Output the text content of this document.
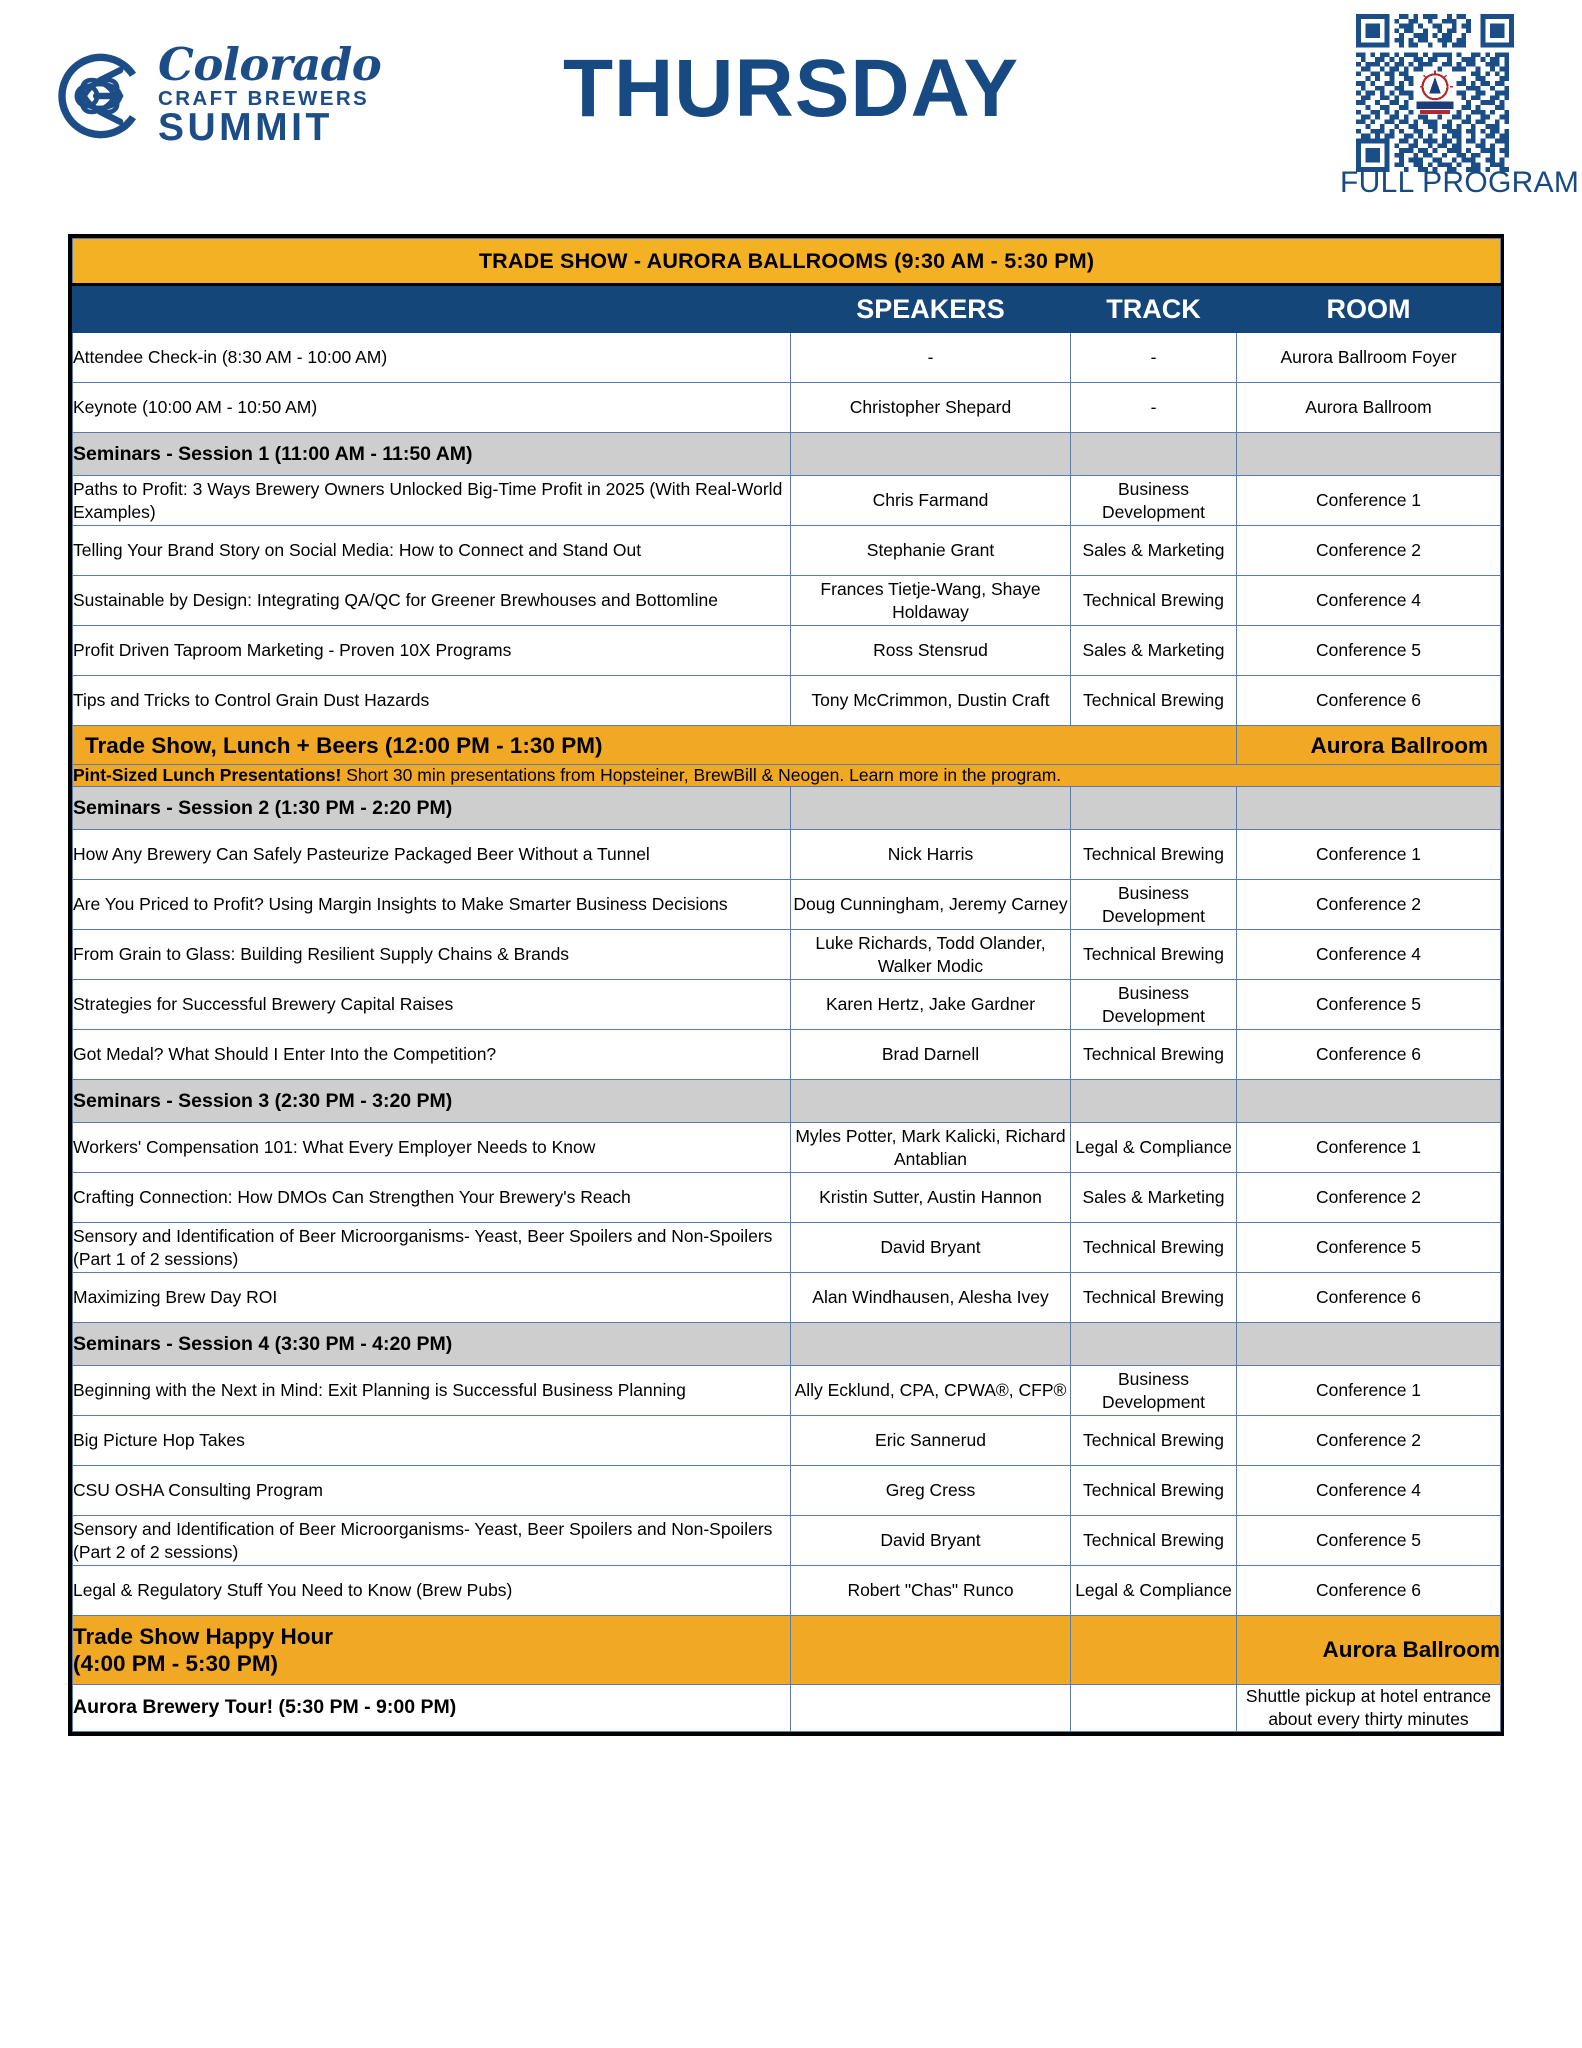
Colorado
CRAFT BREWERS
SUMMIT	THURSDAY
FULL PROGRAM
TRADE SHOW - AURORA BALLROOMS (9:30 AM - 5:30 PM)			
	SPEAKERS	TRACK	ROOM
Attendee Check-in (8:30 AM - 10:00 AM)	-	-	Aurora Ballroom Foyer
Keynote (10:00 AM - 10:50 AM)	Christopher Shepard	-	Aurora Ballroom
Seminars - Session 1 (11:00 AM - 11:50 AM)			
Paths to Profit: 3 Ways Brewery Owners Unlocked Big-Time Profit in 2025 (With Real-World Examples)	Chris Farmand	Business Development	Conference 1
Telling Your Brand Story on Social Media: How to Connect and Stand Out	Stephanie Grant	Sales & Marketing	Conference 2
Sustainable by Design: Integrating QA/QC for Greener Brewhouses and Bottomline	Frances Tietje-Wang, Shaye Holdaway	Technical Brewing	Conference 4
Profit Driven Taproom Marketing - Proven 10X Programs	Ross Stensrud	Sales & Marketing	Conference 5
Tips and Tricks to Control Grain Dust Hazards	Tony McCrimmon, Dustin Craft	Technical Brewing	Conference 6
Trade Show, Lunch + Beers (12:00 PM - 1:30 PM)			Aurora Ballroom
Pint-Sized Lunch Presentations! Short 30 min presentations from Hopsteiner, BrewBill & Neogen. Learn more in the program.			
Seminars - Session 2 (1:30 PM - 2:20 PM)			
How Any Brewery Can Safely Pasteurize Packaged Beer Without a Tunnel	Nick Harris	Technical Brewing	Conference 1
Are You Priced to Profit? Using Margin Insights to Make Smarter Business Decisions	Doug Cunningham, Jeremy Carney	Business Development	Conference 2
From Grain to Glass: Building Resilient Supply Chains & Brands	Luke Richards, Todd Olander, Walker Modic	Technical Brewing	Conference 4
Strategies for Successful Brewery Capital Raises	Karen Hertz, Jake Gardner	Business Development	Conference 5
Got Medal? What Should I Enter Into the Competition?	Brad Darnell	Technical Brewing	Conference 6
Seminars - Session 3 (2:30 PM - 3:20 PM)			
Workers' Compensation 101: What Every Employer Needs to Know	Myles Potter, Mark Kalicki, Richard Antablian	Legal & Compliance	Conference 1
Crafting Connection: How DMOs Can Strengthen Your Brewery's Reach	Kristin Sutter, Austin Hannon	Sales & Marketing	Conference 2
Sensory and Identification of Beer Microorganisms- Yeast, Beer Spoilers and Non-Spoilers (Part 1 of 2 sessions)	David Bryant	Technical Brewing	Conference 5
Maximizing Brew Day ROI	Alan Windhausen, Alesha Ivey	Technical Brewing	Conference 6
Seminars - Session 4 (3:30 PM - 4:20 PM)			
Beginning with the Next in Mind: Exit Planning is Successful Business Planning	Ally Ecklund, CPA, CPWA®, CFP®	Business Development	Conference 1
Big Picture Hop Takes	Eric Sannerud	Technical Brewing	Conference 2
CSU OSHA Consulting Program	Greg Cress	Technical Brewing	Conference 4
Sensory and Identification of Beer Microorganisms- Yeast, Beer Spoilers and Non-Spoilers (Part 2 of 2 sessions)	David Bryant	Technical Brewing	Conference 5
Legal & Regulatory Stuff You Need to Know (Brew Pubs)	Robert "Chas" Runco	Legal & Compliance	Conference 6
Trade Show Happy Hour
(4:00 PM - 5:30 PM)			Aurora Ballroom
Aurora Brewery Tour! (5:30 PM - 9:00 PM)			Shuttle pickup at hotel entrance about every thirty minutes
